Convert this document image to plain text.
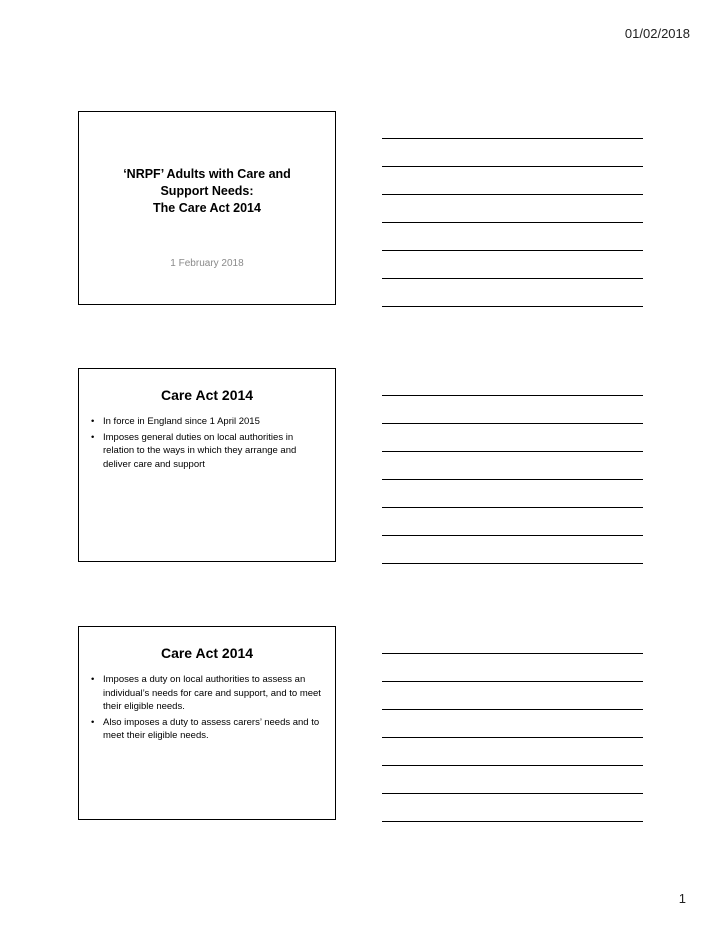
01/02/2018
‘NRPF’ Adults with Care and
Support Needs:
The Care Act 2014
1 February 2018
Care Act 2014
• In force in England since 1 April 2015
• Imposes general duties on local authorities in relation to the ways in which they arrange and deliver care and support
Care Act 2014
• Imposes a duty on local authorities to assess an individual’s needs for care and support, and to meet their eligible needs.
• Also imposes a duty to assess carers’ needs and to meet their eligible needs.
1
